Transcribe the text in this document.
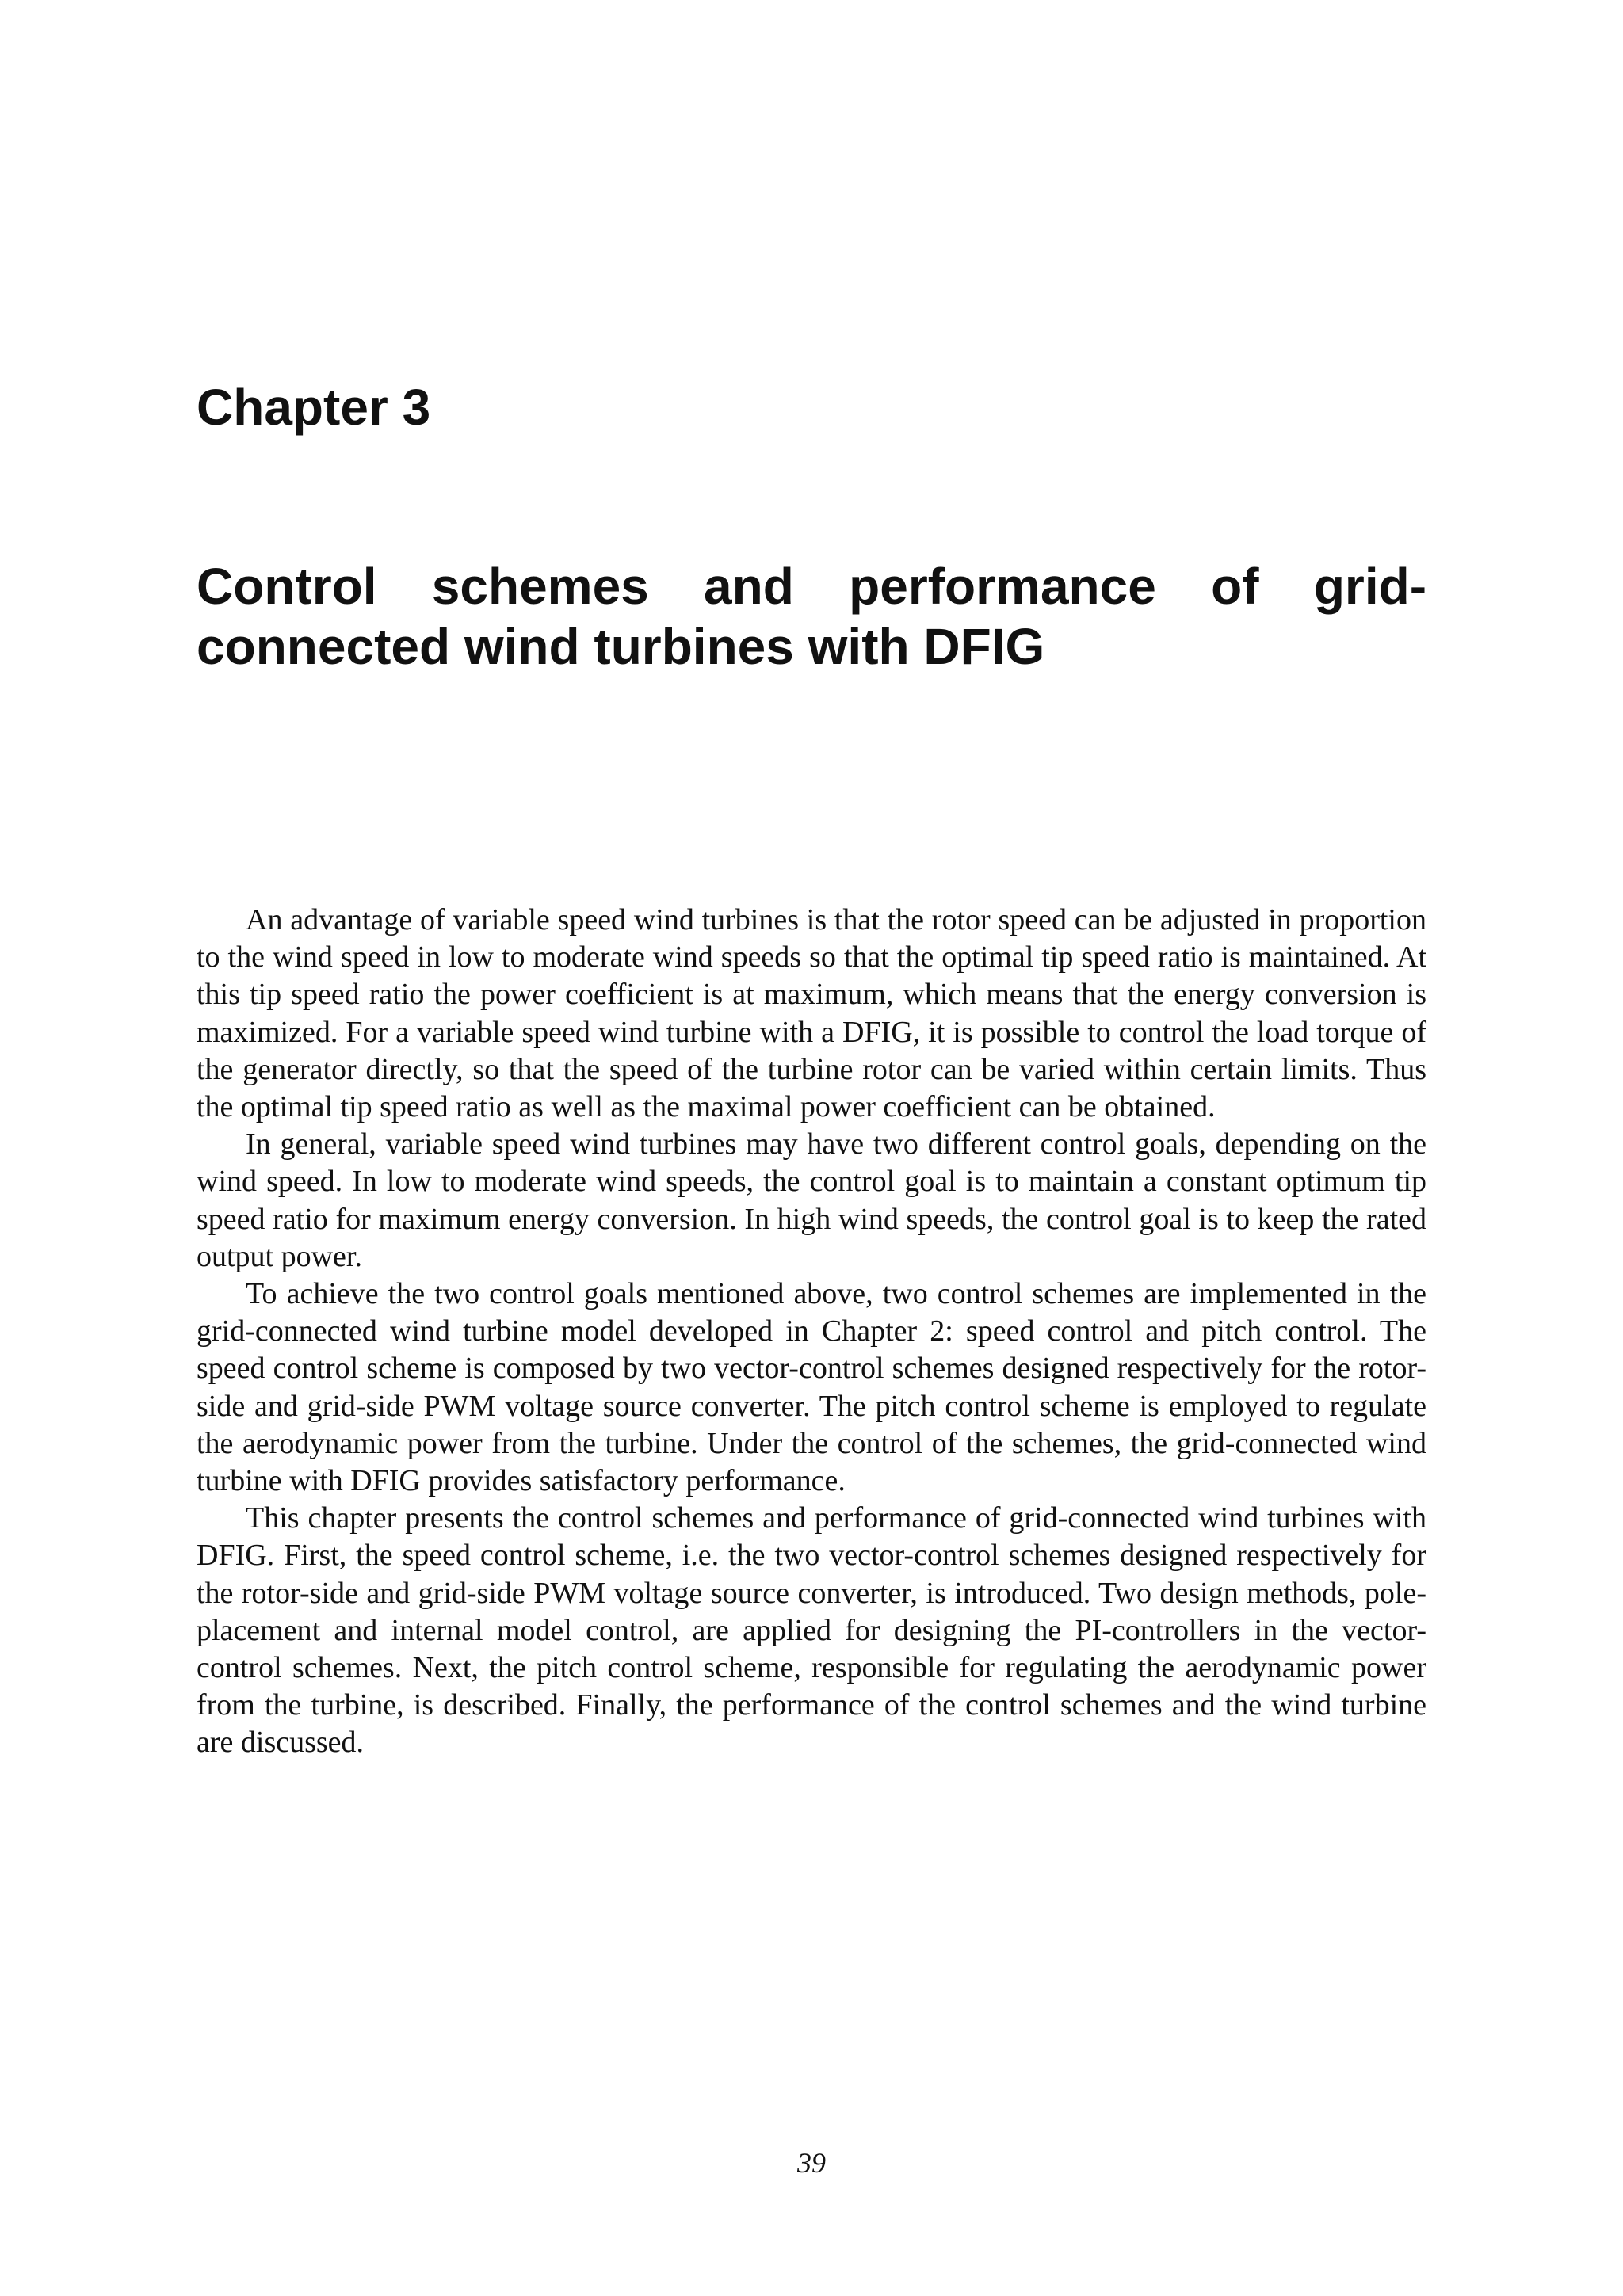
Chapter 3
Control schemes and performance of grid-connected wind turbines with DFIG

An advantage of variable speed wind turbines is that the rotor speed can be adjusted in proportion to the wind speed in low to moderate wind speeds so that the optimal tip speed ratio is maintained. At this tip speed ratio the power coefficient is at maximum, which means that the energy conversion is maximized. For a variable speed wind turbine with a DFIG, it is possible to control the load torque of the generator directly, so that the speed of the turbine rotor can be varied within certain limits. Thus the optimal tip speed ratio as well as the maximal power coefficient can be obtained.

In general, variable speed wind turbines may have two different control goals, depending on the wind speed. In low to moderate wind speeds, the control goal is to maintain a constant optimum tip speed ratio for maximum energy conversion. In high wind speeds, the control goal is to keep the rated output power.

To achieve the two control goals mentioned above, two control schemes are implemented in the grid-connected wind turbine model developed in Chapter 2: speed control and pitch control. The speed control scheme is composed by two vector-control schemes designed respectively for the rotor-side and grid-side PWM voltage source converter. The pitch control scheme is employed to regulate the aerodynamic power from the turbine. Under the control of the schemes, the grid-connected wind turbine with DFIG provides satisfactory performance.

This chapter presents the control schemes and performance of grid-connected wind turbines with DFIG. First, the speed control scheme, i.e. the two vector-control schemes designed respectively for the rotor-side and grid-side PWM voltage source converter, is introduced. Two design methods, pole-placement and internal model control, are applied for designing the PI-controllers in the vector-control schemes. Next, the pitch control scheme, responsible for regulating the aerodynamic power from the turbine, is described. Finally, the performance of the control schemes and the wind turbine are discussed.

39
